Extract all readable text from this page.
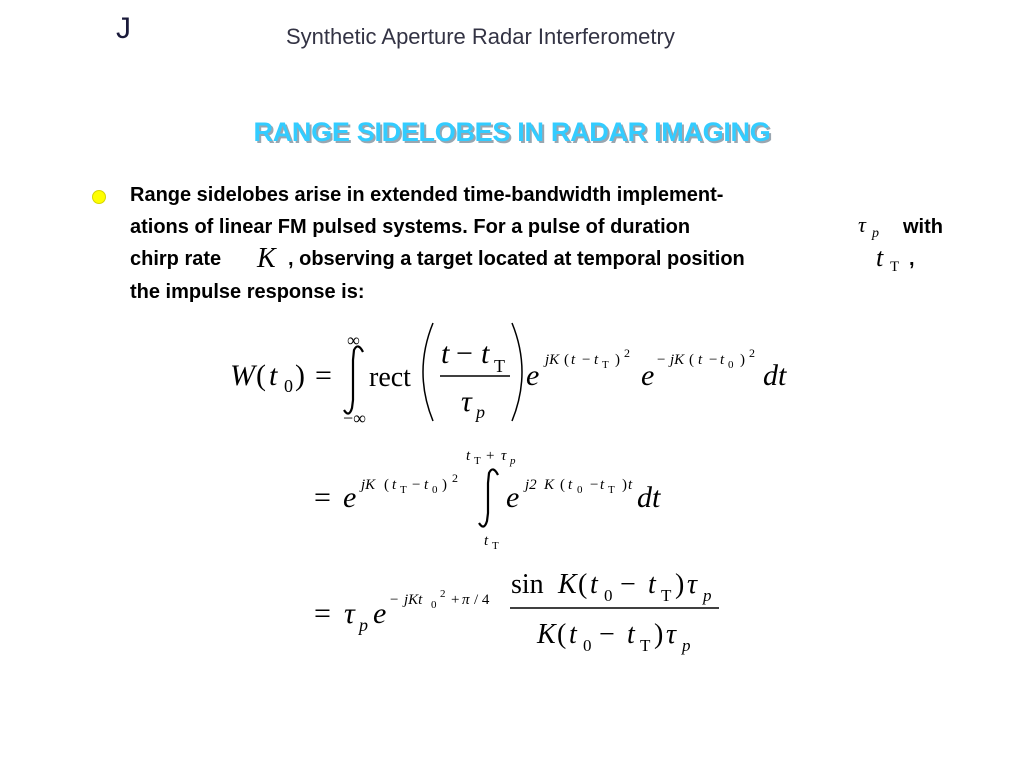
J	Synthetic Aperture Radar Interferometry
RANGE SIDELOBES IN RADAR IMAGING
Range sidelobes arise in extended time-bandwidth implement-
ations of linear FM pulsed systems. For a pulse of duration	τ p with
chirp rate K , observing a target located at temporal position	t T ,
the impulse response is:
W ( t 0 ) =
∞
−∞
rect
t − t T
τ p
e jK ( t − t T ) 2
e − jK ( t − t 0 ) 2
dt
= e jK ( t T − t 0 ) 2
t T + τ p
t T
e j2 K ( t 0 − t T ) t dt
= τ p e − jKt 0
2 + π / 4 sin K ( t 0 − t T ) τ p
K ( t 0 − t T ) τ p
